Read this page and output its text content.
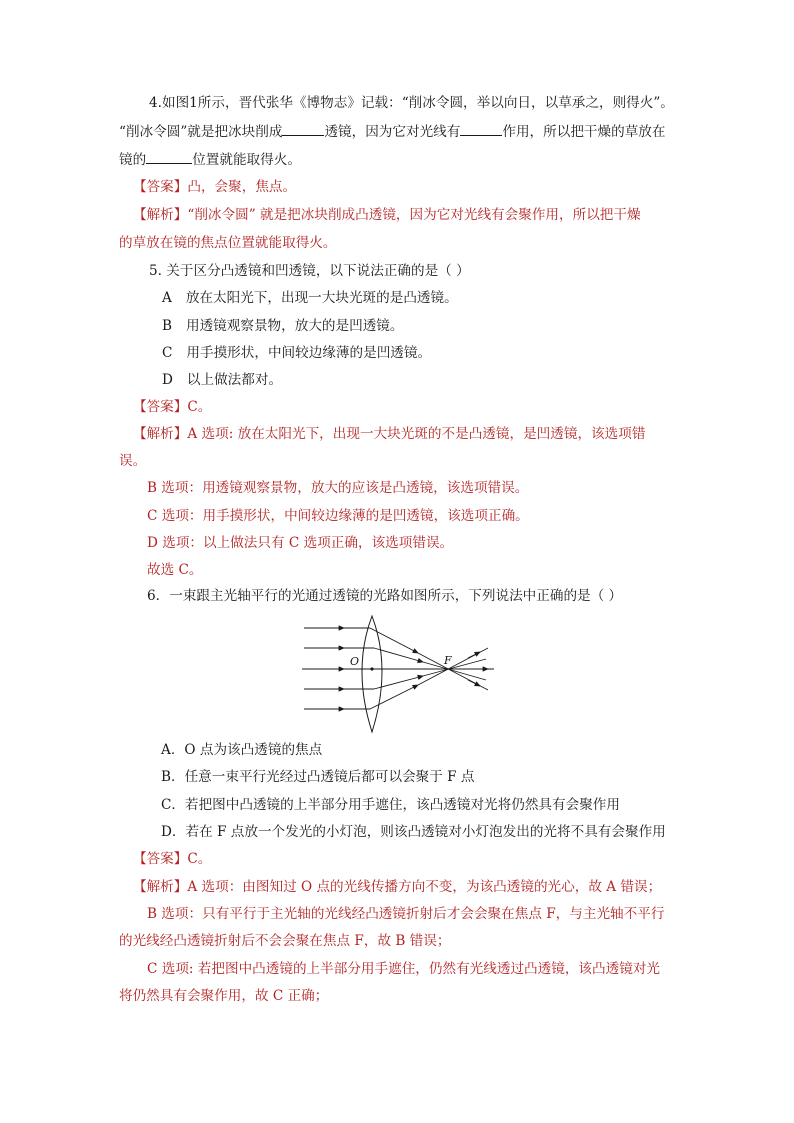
4.如图1所示，晋代张华《博物志》记载：“削冰令圆，举以向日，以草承之，则得火”。
“削冰令圆”就是把冰块削成	透镜，因为它对光线有	作用，所以把干燥的草放在
镜的	位置就能取得火。
【答案】凸，会聚，焦点。
【解析】“削冰令圆” 就是把冰块削成凸透镜，因为它对光线有会聚作用，所以把干燥
的草放在镜的焦点位置就能取得火。
5. 关于区分凸透镜和凹透镜，以下说法正确的是（ ）
A 放在太阳光下，出现一大块光斑的是凸透镜。
B 用透镜观察景物，放大的是凹透镜。
C 用手摸形状，中间较边缘薄的是凹透镜。
D 以上做法都对。
【答案】C。
【解析】A 选项: 放在太阳光下，出现一大块光斑的不是凸透镜，是凹透镜，该选项错
误。
B 选项：用透镜观察景物，放大的应该是凸透镜，该选项错误。
C 选项：用手摸形状，中间较边缘薄的是凹透镜，该选项正确。
D 选项：以上做法只有 C 选项正确，该选项错误。
故选 C。
6．一束跟主光轴平行的光通过透镜的光路如图所示，下列说法中正确的是（ ）
O	F
A．O 点为该凸透镜的焦点
B．任意一束平行光经过凸透镜后都可以会聚于 F 点
C．若把图中凸透镜的上半部分用手遮住，该凸透镜对光将仍然具有会聚作用
D．若在 F 点放一个发光的小灯泡，则该凸透镜对小灯泡发出的光将不具有会聚作用
【答案】C。
【解析】A 选项：由图知过 O 点的光线传播方向不变，为该凸透镜的光心，故 A 错误；
B 选项：只有平行于主光轴的光线经凸透镜折射后才会会聚在焦点 F，与主光轴不平行
的光线经凸透镜折射后不会会聚在焦点 F，故 B 错误；
C 选项: 若把图中凸透镜的上半部分用手遮住，仍然有光线透过凸透镜，该凸透镜对光
将仍然具有会聚作用，故 C 正确；
